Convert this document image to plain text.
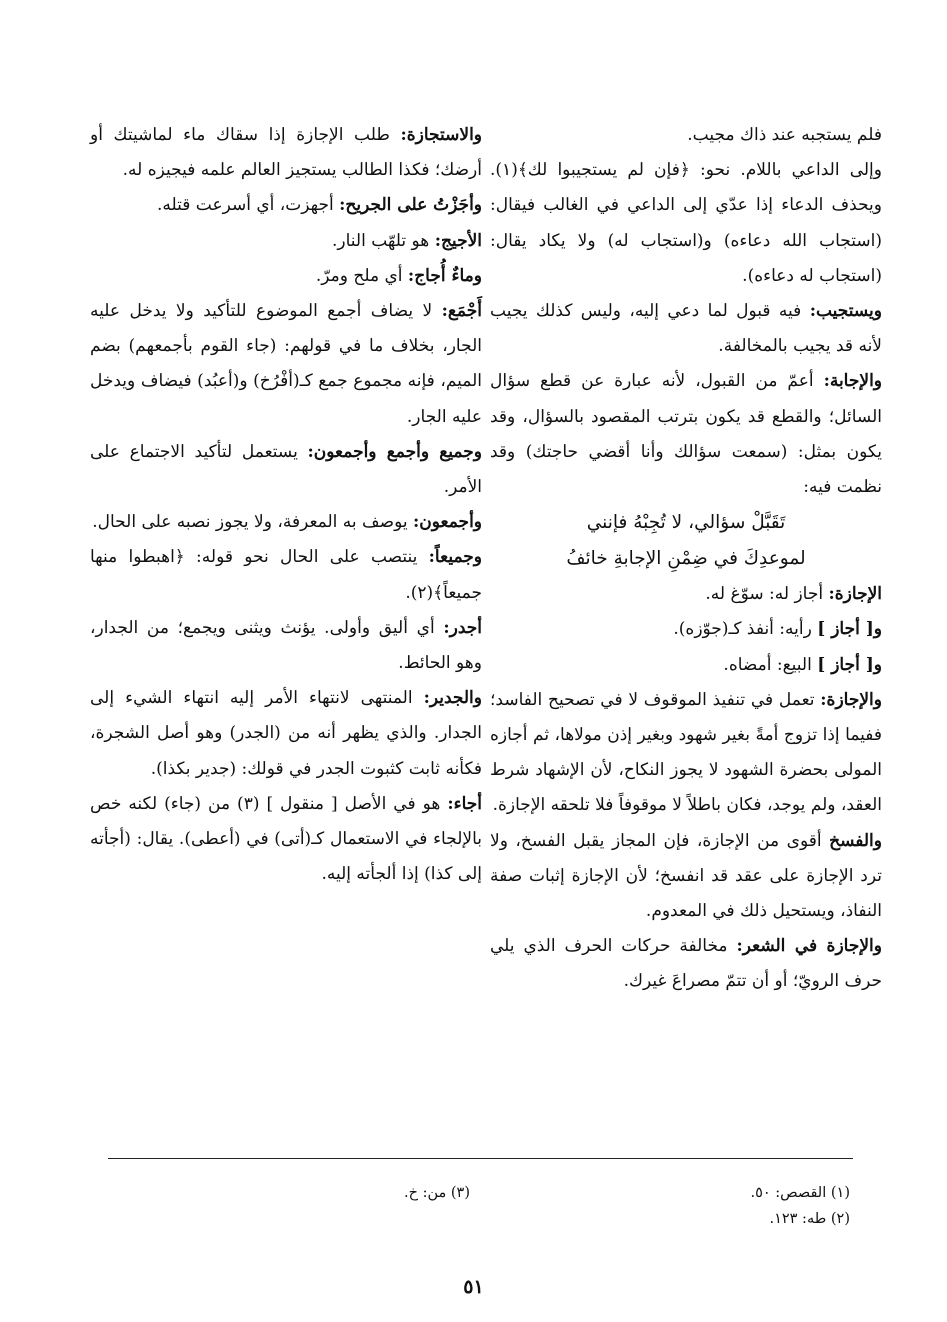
فلم يستجبه عند ذاك مجيب.

وإلى الداعي باللام. نحو: ﴿فإن لم يستجيبوا لك﴾(١). ويحذف الدعاء إذا عدّي إلى الداعي في الغالب فيقال: (استجاب الله دعاءه) و(استجاب له) ولا يكاد يقال: (استجاب له دعاءه).

ويستجيب: فيه قبول لما دعي إليه، وليس كذلك يجيب لأنه قد يجيب بالمخالفة.

والإجابة: أعمّ من القبول، لأنه عبارة عن قطع سؤال السائل؛ والقطع قد يكون بترتب المقصود بالسؤال، وقد يكون بمثل: (سمعت سؤالك وأنا أقضي حاجتك) وقد نظمت فيه:

تَقَبَّلْ سؤالي، لا تُجِبْهُ فإنني

لموعدِكَ في ضِمْنِ الإجابةِ خائفُ

الإجازة: أجاز له: سوّغ له.

و[ أجاز ] رأيه: أنفذ كـ(جوّزه).

و[ أجاز ] البيع: أمضاه.

والإجازة: تعمل في تنفيذ الموقوف لا في تصحيح الفاسد؛ ففيما إذا تزوج أمةً بغير شهود وبغير إذن مولاها، ثم أجازه المولى بحضرة الشهود لا يجوز النكاح، لأن الإشهاد شرط العقد، ولم يوجد، فكان باطلاً لا موقوفاً فلا تلحقه الإجازة.

والفسخ أقوى من الإجازة، فإن المجاز يقبل الفسخ، ولا ترد الإجازة على عقد قد انفسخ؛ لأن الإجازة إثبات صفة النفاذ، ويستحيل ذلك في المعدوم.

والإجازة في الشعر: مخالفة حركات الحرف الذي يلي حرف الرويّ؛ أو أن تتمّ مصراعَ غيرك.

والاستجازة: طلب الإجازة إذا سقاك ماء لماشيتك أو أرضك؛ فكذا الطالب يستجيز العالم علمه فيجيزه له.

وأجَزْتُ على الجريح: أجهزت، أي أسرعت قتله.

الأجيج: هو تلهّب النار.

وماءٌ أُجاج: أي ملح ومرّ.

أَجْمَع: لا يضاف أجمع الموضوع للتأكيد ولا يدخل عليه الجار، بخلاف ما في قولهم: (جاء القوم بأجمعهم) بضم الميم، فإنه مجموع جمع كـ(أفْرُخ) و(أعبُد) فيضاف ويدخل عليه الجار.

وجميع وأجمع وأجمعون: يستعمل لتأكيد الاجتماع على الأمر.

وأجمعون: يوصف به المعرفة، ولا يجوز نصبه على الحال.

وجميعاً: ينتصب على الحال نحو قوله: ﴿اهبطوا منها جميعاً﴾(٢).

أجدر: أي أليق وأولى. يؤنث ويثنى ويجمع؛ من الجدار، وهو الحائط.

والجدير: المنتهى لانتهاء الأمر إليه انتهاء الشيء إلى الجدار. والذي يظهر أنه من (الجدر) وهو أصل الشجرة، فكأنه ثابت كثبوت الجدر في قولك: (جدير بكذا).

أجاء: هو في الأصل [ منقول ] (٣) من (جاء) لكنه خص بالإلجاء في الاستعمال كـ(أتى) في (أعطى). يقال: (أجأته إلى كذا) إذا ألجأته إليه.

(١) القصص: ٥٠.
(٢) طه: ١٢٣.
(٣) من: خ.
٥١
